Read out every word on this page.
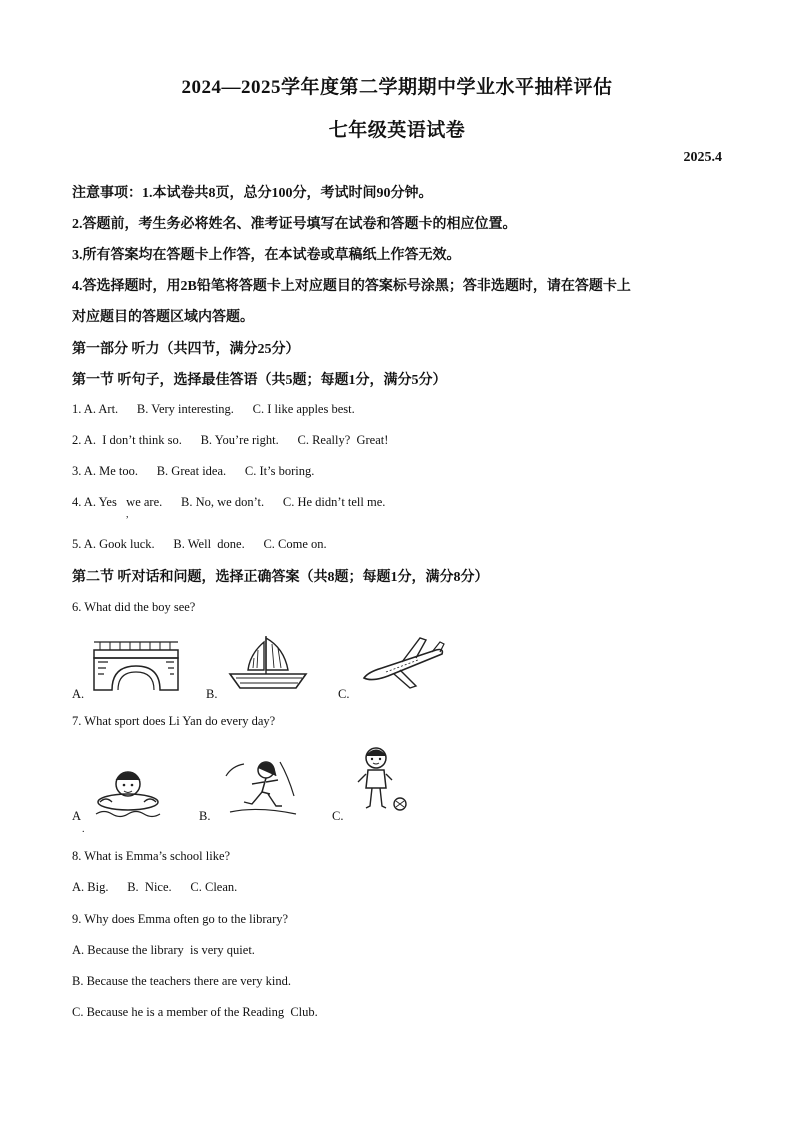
2024—2025学年度第二学期期中学业水平抽样评估
七年级英语试卷
2025.4
注意事项：1.本试卷共8页，总分100分，考试时间90分钟。
2.答题前，考生务必将姓名、准考证号填写在试卷和答题卡的相应位置。
3.所有答案均在答题卡上作答，在本试卷或草稿纸上作答无效。
4.答选择题时，用2B铅笔将答题卡上对应题目的答案标号涂黑；答非选题时，请在答题卡上
对应题目的答题区域内答题。
第一部分 听力（共四节，满分25分）
第一节 听句子，选择最佳答语（共5题；每题1分，满分5分）
1. A. Art.      B. Very interesting.      C. I like apples best.
2. A.  I don’t think so.      B. You’re right.      C. Really?  Great!
3. A. Me too.      B. Great idea.      C. It’s boring.
4. A. Yes   we are.      B. No, we don’t.      C. He didn’t tell me.
,
5. A. Gook luck.      B. Well  done.      C. Come on.
第二节 听对话和问题，选择正确答案（共8题；每题1分，满分8分）
6. What did the boy see?
A.	B.	C.
7. What sport does Li Yan do every day?
A	B.	C.
.
8. What is Emma’s school like?
A. Big.      B.  Nice.      C. Clean.
9. Why does Emma often go to the library?
A. Because the library  is very quiet.
B. Because the teachers there are very kind.
C. Because he is a member of the Reading  Club.
